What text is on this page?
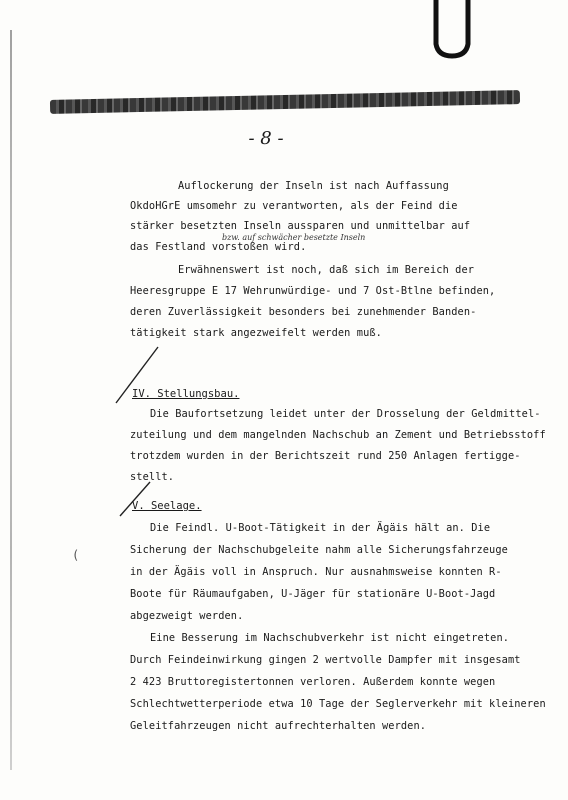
- 8 -
Auflockerung der Inseln ist nach Auffassung
OkdoHGrE umsomehr zu verantworten, als der Feind die
stärker besetzten Inseln aussparen und unmittelbar auf
bzw. auf schwächer besetzte Inseln
das Festland vorstoßen wird.
Erwähnenswert ist noch, daß sich im Bereich der
Heeresgruppe E 17 Wehrunwürdige- und 7 Ost-Btlne befinden,
deren Zuverlässigkeit besonders bei zunehmender Banden-
tätigkeit stark angezweifelt werden muß.
IV. Stellungsbau.
Die Baufortsetzung leidet unter der Drosselung der Geldmittel-
zuteilung und dem mangelnden Nachschub an Zement und Betriebsstoff
trotzdem wurden in der Berichtszeit rund 250 Anlagen fertigge-
stellt.
V. Seelage.
Die Feindl. U-Boot-Tätigkeit in der Ägäis hält an. Die
Sicherung der Nachschubgeleite nahm alle Sicherungsfahrzeuge
in der Ägäis voll in Anspruch. Nur ausnahmsweise konnten R-
Boote für Räumaufgaben, U-Jäger für stationäre U-Boot-Jagd
abgezweigt werden.
Eine Besserung im Nachschubverkehr ist nicht eingetreten.
Durch Feindeinwirkung gingen 2 wertvolle Dampfer mit insgesamt
2 423 Bruttoregistertonnen verloren. Außerdem konnte wegen
Schlechtwetterperiode etwa 10 Tage der Seglerverkehr mit kleineren
Geleitfahrzeugen nicht aufrechterhalten werden.
(
